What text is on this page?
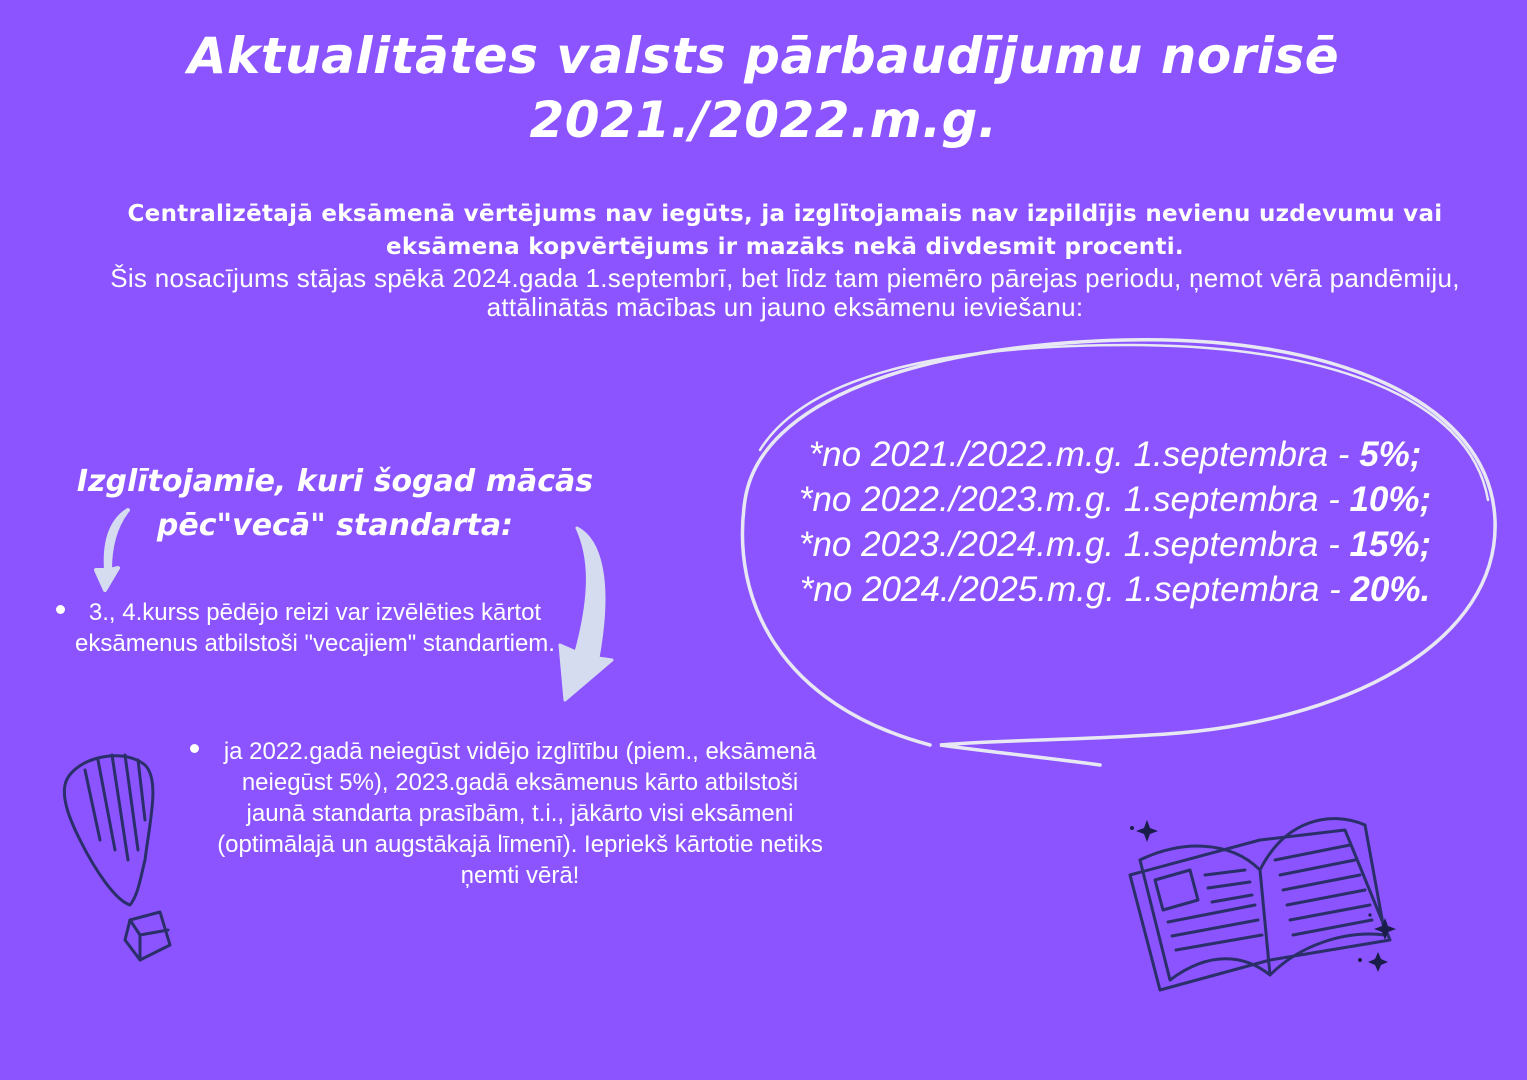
Aktualitātes valsts pārbaudījumu norisē
2021./2022.m.g.
Centralizētajā eksāmenā vērtējums nav iegūts, ja izglītojamais nav izpildījis nevienu uzdevumu vai eksāmena kopvērtējums ir mazāks nekā divdesmit procenti.
Šis nosacījums stājas spēkā 2024.gada 1.septembrī, bet līdz tam piemēro pārejas periodu, ņemot vērā pandēmiju, attālinātās mācības un jauno eksāmenu ieviešanu:
Izglītojamie, kuri šogad mācās pēc"vecā" standarta:
3., 4.kurss pēdējo reizi var izvēlēties kārtot eksāmenus atbilstoši "vecajiem" standartiem.
ja 2022.gadā neiegūst vidējo izglītību (piem., eksāmenā neiegūst 5%), 2023.gadā eksāmenus kārto atbilstoši jaunā standarta prasībām, t.i., jākārto visi eksāmeni (optimālajā un augstākajā līmenī). Iepriekš kārtotie netiks ņemti vērā!
*no 2021./2022.m.g. 1.septembra - 5%;
*no 2022./2023.m.g. 1.septembra - 10%;
*no 2023./2024.m.g. 1.septembra - 15%;
*no 2024./2025.m.g. 1.septembra - 20%.
